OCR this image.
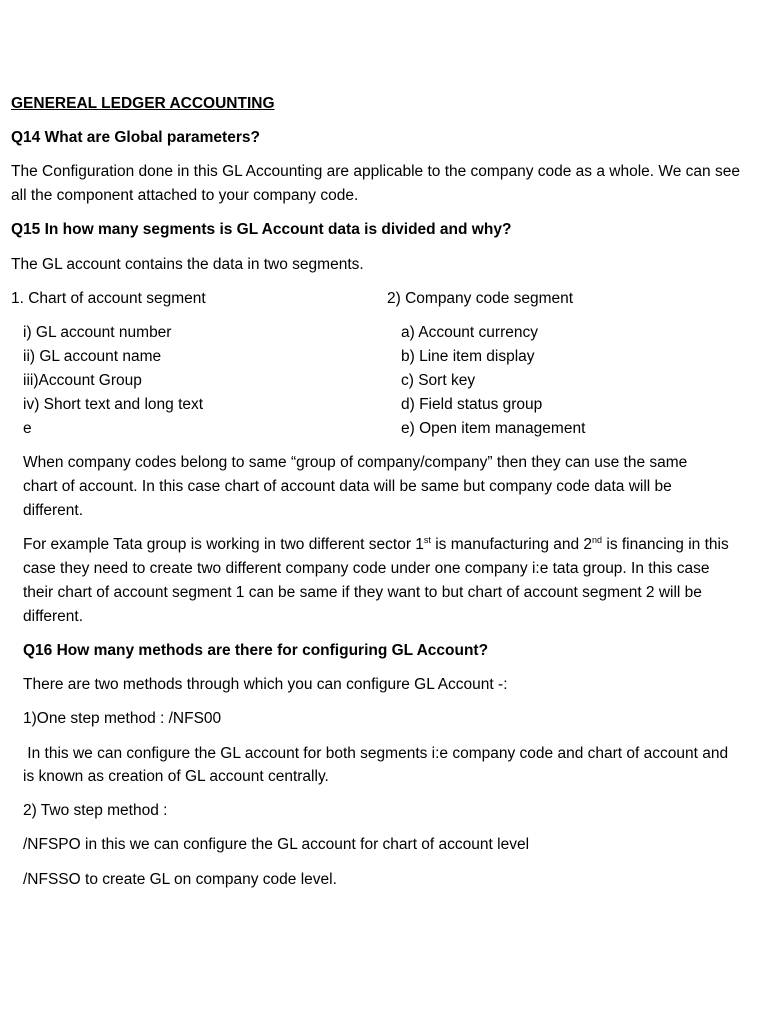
GENEREAL LEDGER ACCOUNTING
Q14 What are Global parameters?
The Configuration done in this GL Accounting are applicable to the company code as a whole. We can see
all the component attached to your company code.
Q15 In how many segments is GL Account data is divided and why?
The GL account contains the data in two segments.
1. Chart of account segment	2) Company code segment
i) GL account number
ii) GL account name
iii)Account Group
iv) Short text and long text
e
a) Account currency
b) Line item display
c) Sort key
d) Field status group
e) Open item management
When company codes belong to same “group of company/company” then they can use the same
chart of account. In this case chart of account data will be same but company code data will be
different.
For example Tata group is working in two different sector 1st is manufacturing and 2nd is financing in this
case they need to create two different company code under one company i:e tata group. In this case
their chart of account segment 1 can be same if they want to but chart of account segment 2 will be
different.
Q16 How many methods are there for configuring GL Account?
There are two methods through which you can configure GL Account -:
1)One step method : /NFS00
In this we can configure the GL account for both segments i:e company code and chart of account and
is known as creation of GL account centrally.
2) Two step method :
/NFSPO in this we can configure the GL account for chart of account level
/NFSSO to create GL on company code level.
